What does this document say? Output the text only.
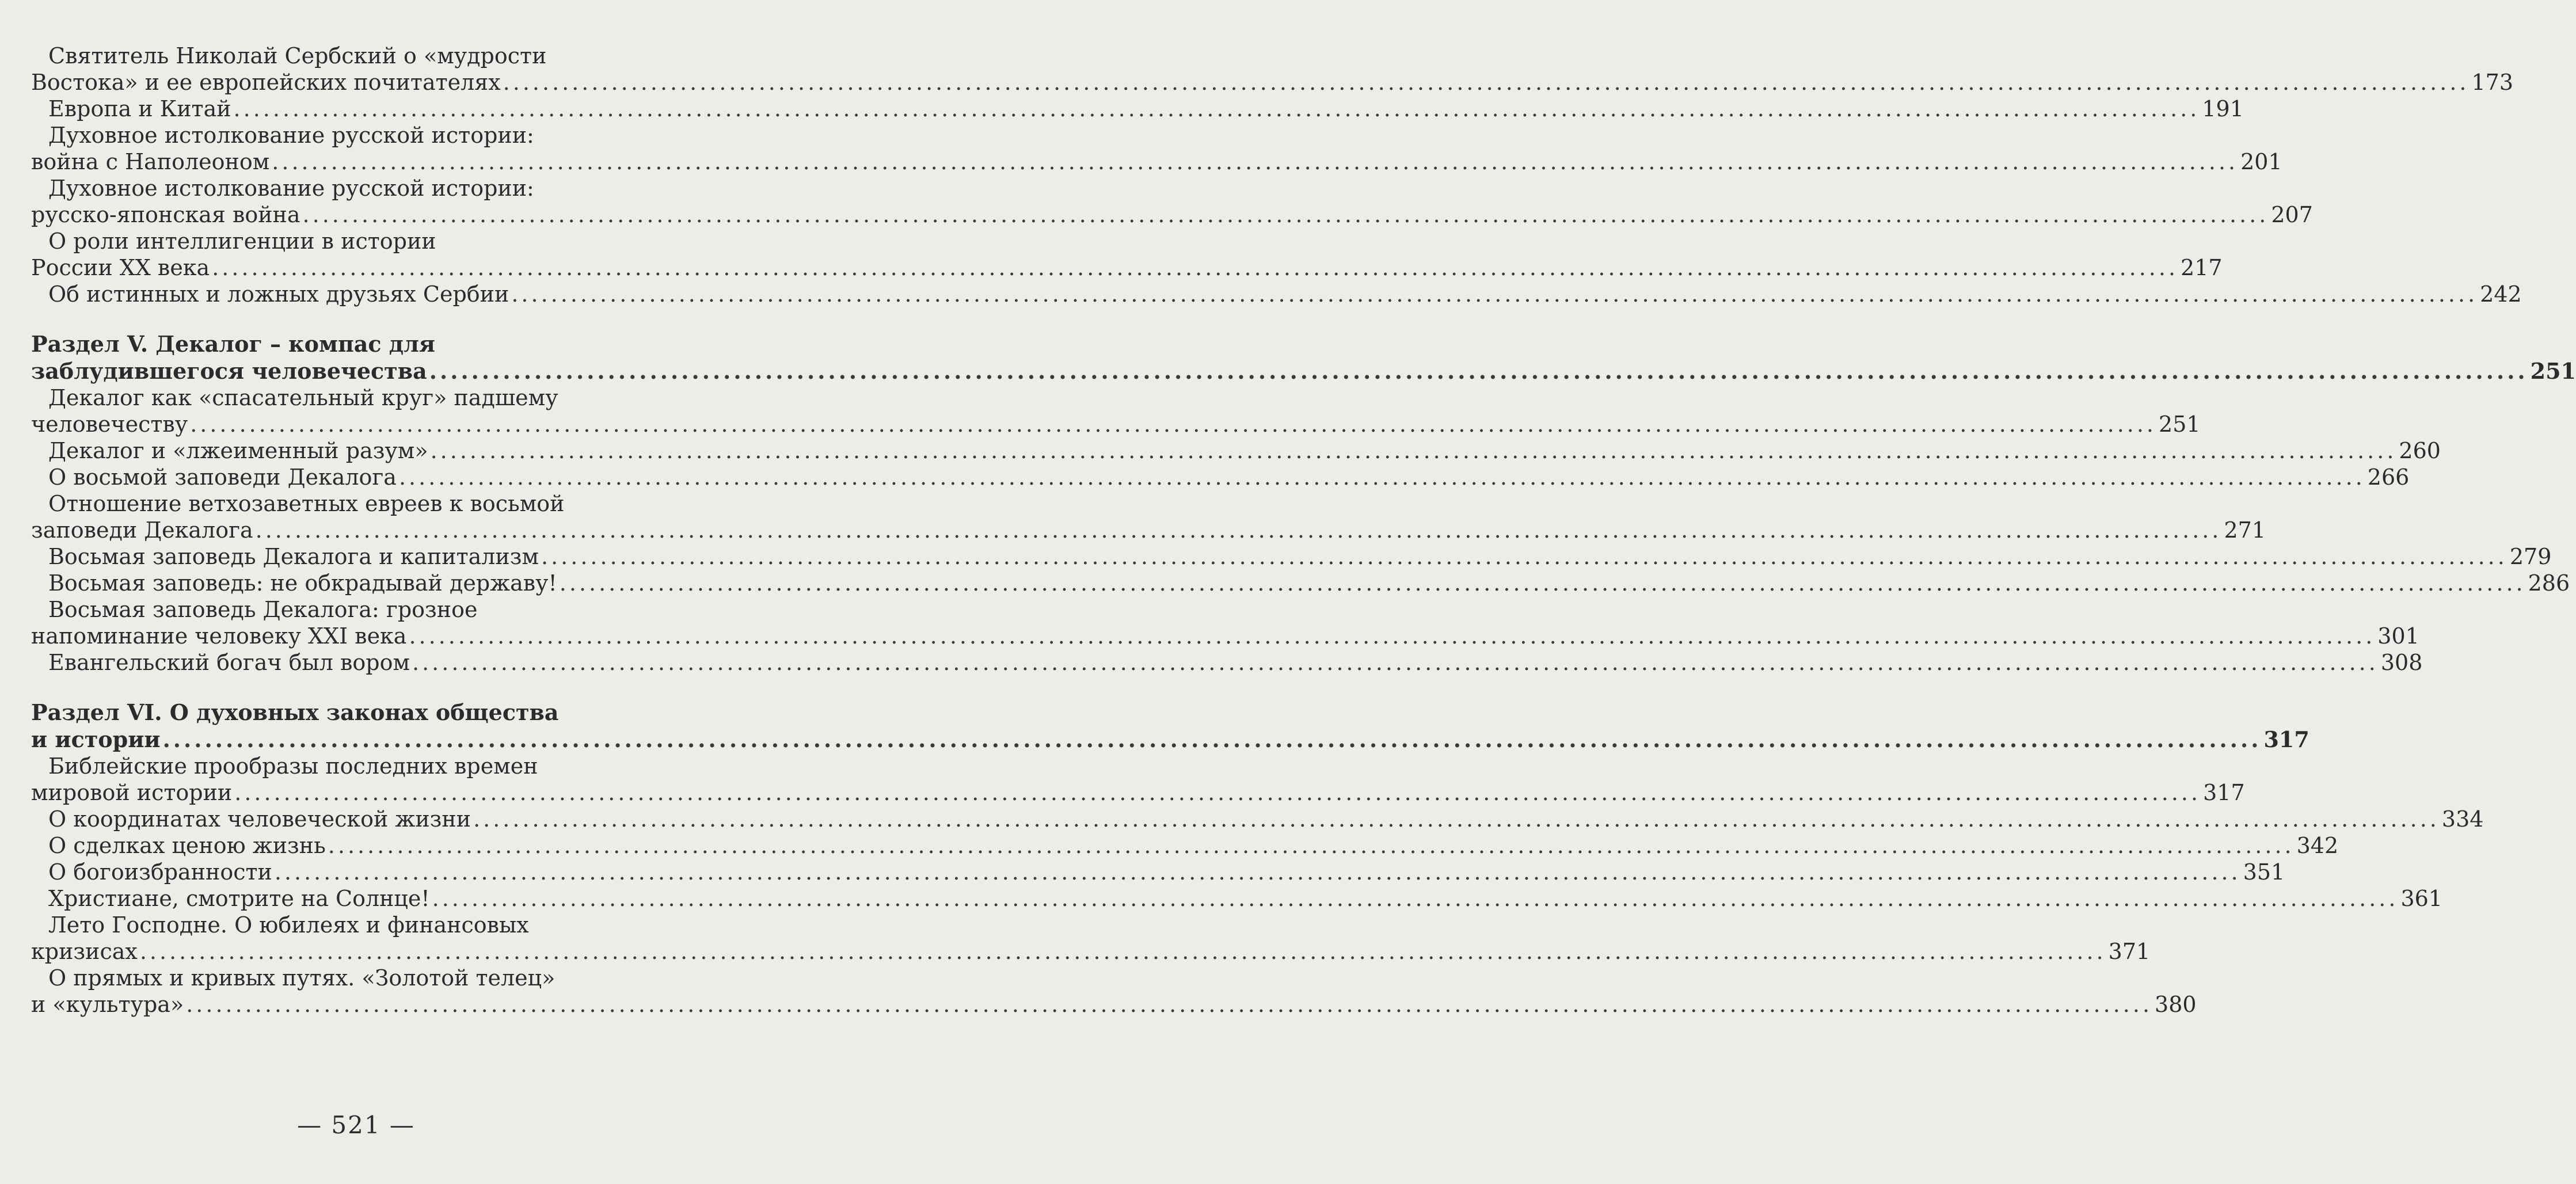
Святитель Николай Сербский о «мудрости
Востока» и ее европейских почитателях ........................................................................................................................................................................................................ 173
Европа и Китай ........................................................................................................................................................................................................ 191
Духовное истолкование русской истории:
война с Наполеоном ........................................................................................................................................................................................................ 201
Духовное истолкование русской истории:
русско-японская война ........................................................................................................................................................................................................ 207
О роли интеллигенции в истории
России XX века ........................................................................................................................................................................................................ 217
Об истинных и ложных друзьях Сербии ........................................................................................................................................................................................................ 242
Раздел V. Декалог – компас для
заблудившегося человечества ........................................................................................................................................................................................................ 251
Декалог как «спасательный круг» падшему
человечеству ........................................................................................................................................................................................................ 251
Декалог и «лжеименный разум» ........................................................................................................................................................................................................ 260
О восьмой заповеди Декалога ........................................................................................................................................................................................................ 266
Отношение ветхозаветных евреев к восьмой
заповеди Декалога ........................................................................................................................................................................................................ 271
Восьмая заповедь Декалога и капитализм ........................................................................................................................................................................................................ 279
Восьмая заповедь: не обкрадывай державу! ........................................................................................................................................................................................................ 286
Восьмая заповедь Декалога: грозное
напоминание человеку XXI века ........................................................................................................................................................................................................ 301
Евангельский богач был вором ........................................................................................................................................................................................................ 308
Раздел VI. О духовных законах общества
и истории ........................................................................................................................................................................................................ 317
Библейские прообразы последних времен
мировой истории ........................................................................................................................................................................................................ 317
О координатах человеческой жизни ........................................................................................................................................................................................................ 334
О сделках ценою жизнь ........................................................................................................................................................................................................ 342
О богоизбранности ........................................................................................................................................................................................................ 351
Христиане, смотрите на Солнце! ........................................................................................................................................................................................................ 361
Лето Господне. О юбилеях и финансовых
кризисах ........................................................................................................................................................................................................ 371
О прямых и кривых путях. «Золотой телец»
и «культура» ........................................................................................................................................................................................................ 380
— 521 —
